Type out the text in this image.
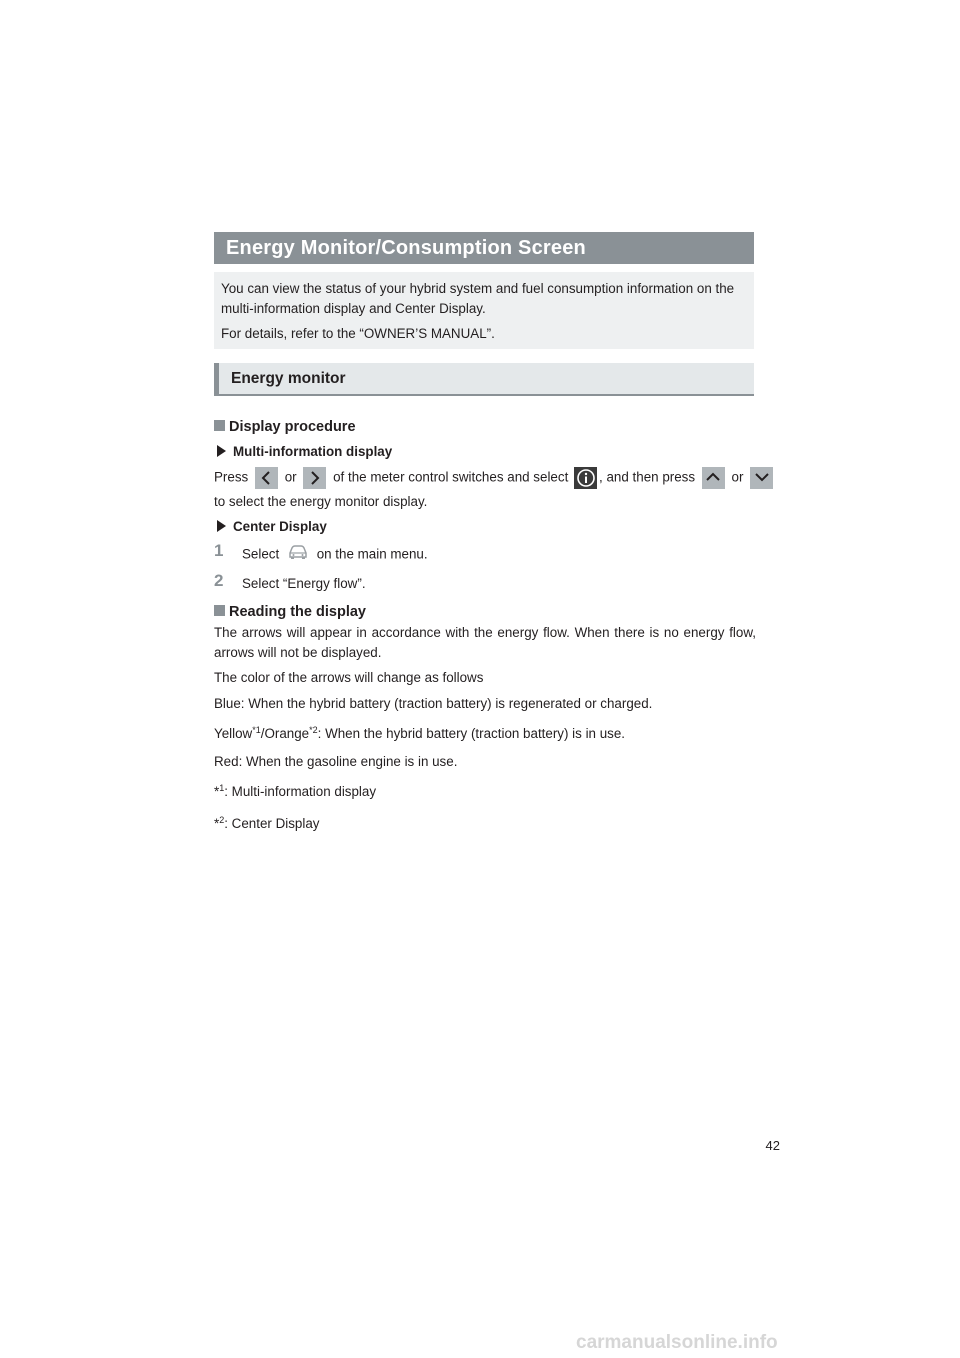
Energy Monitor/Consumption Screen

You can view the status of your hybrid system and fuel consumption information on the multi-information display and Center Display.

For details, refer to the “OWNER’S MANUAL”.

Energy monitor
Display procedure
Multi-information display
Press	or	of the meter control switches and select , and then press	or
to select the energy monitor display.
Center Display
1 Select	on the main menu.
2 Select “Energy flow”.
Reading the display
The arrows will appear in accordance with the energy flow. When there is no energy flow, arrows will not be displayed.
The color of the arrows will change as follows
Blue: When the hybrid battery (traction battery) is regenerated or charged.
Yellow$^{*1}$/Orange$^{*2}$: When the hybrid battery (traction battery) is in use.
Red: When the gasoline engine is in use.
*$^1$: Multi-information display
*$^2$: Center Display
42
carmanualsonline.info
